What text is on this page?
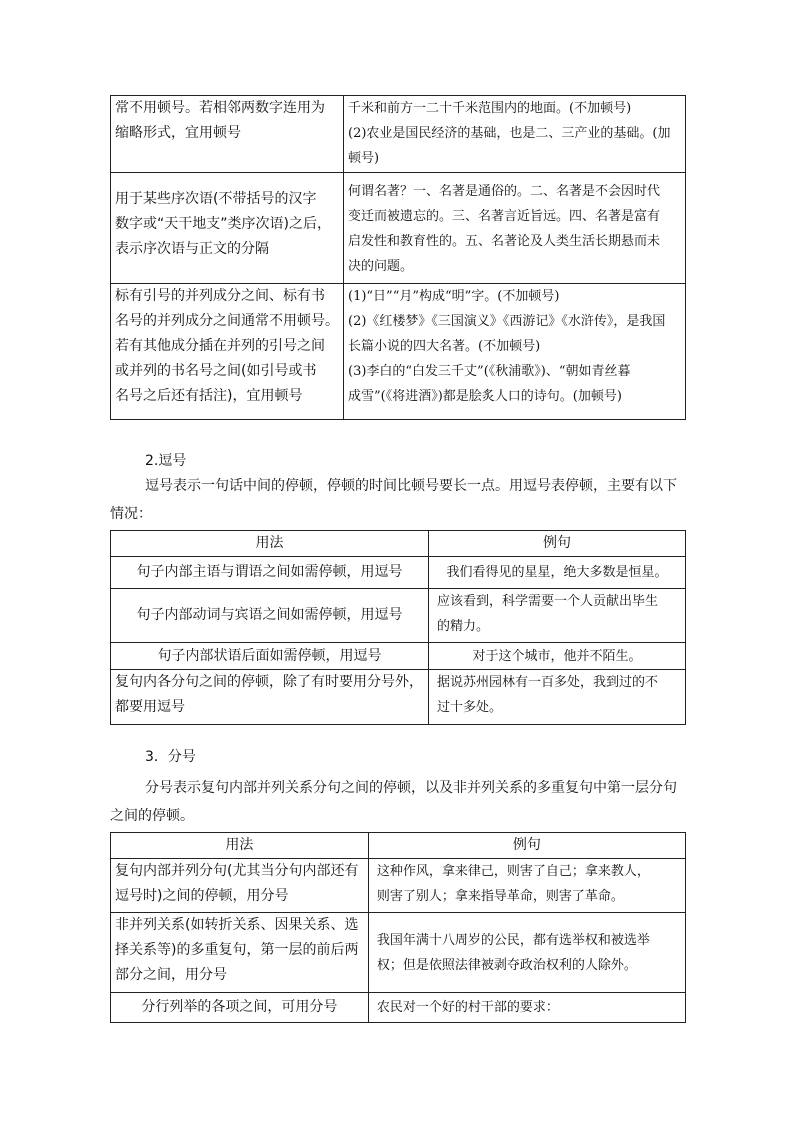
常不用顿号。若相邻两数字连用为
缩略形式，宜用顿号	千米和前方一二十千米范围内的地面。(不加顿号)
(2)农业是国民经济的基础，也是二、三产业的基础。(加
顿号)

用于某些序次语(不带括号的汉字
数字或“天干地支”类序次语)之后，
表示序次语与正文的分隔	何谓名著？一、名著是通俗的。二、名著是不会因时代
变迁而被遗忘的。三、名著言近旨远。四、名著是富有
启发性和教育性的。五、名著论及人类生活长期悬而未
决的问题。

标有引号的并列成分之间、标有书
名号的并列成分之间通常不用顿号。
若有其他成分插在并列的引号之间
或并列的书名号之间(如引号或书
名号之后还有括注)，宜用顿号	(1)“日”“月”构成“明”字。(不加顿号)
(2)《红楼梦》《三国演义》《西游记》《水浒传》，是我国
长篇小说的四大名著。(不加顿号)
(3)李白的“白发三千丈”(《秋浦歌》)、“朝如青丝暮
成雪”(《将进酒》)都是脍炙人口的诗句。(加顿号)
2.逗号
逗号表示一句话中间的停顿，停顿的时间比顿号要长一点。用逗号表停顿，主要有以下
情况：
用法	例句

句子内部主语与谓语之间如需停顿，用逗号	我们看得见的星星，绝大多数是恒星。

句子内部动词与宾语之间如需停顿，用逗号	应该看到，科学需要一个人贡献出毕生
的精力。

句子内部状语后面如需停顿，用逗号	对于这个城市，他并不陌生。

复句内各分句之间的停顿，除了有时要用分号外，
都要用逗号	据说苏州园林有一百多处，我到过的不
过十多处。
3．分号
分号表示复句内部并列关系分句之间的停顿，以及非并列关系的多重复句中第一层分句
之间的停顿。
用法	例句

复句内部并列分句(尤其当分句内部还有
逗号时)之间的停顿，用分号	这种作风，拿来律己，则害了自己；拿来教人，
则害了别人；拿来指导革命，则害了革命。

非并列关系(如转折关系、因果关系、选
择关系等)的多重复句，第一层的前后两
部分之间，用分号	我国年满十八周岁的公民，都有选举权和被选举
权；但是依照法律被剥夺政治权利的人除外。

分行列举的各项之间，可用分号	农民对一个好的村干部的要求：
